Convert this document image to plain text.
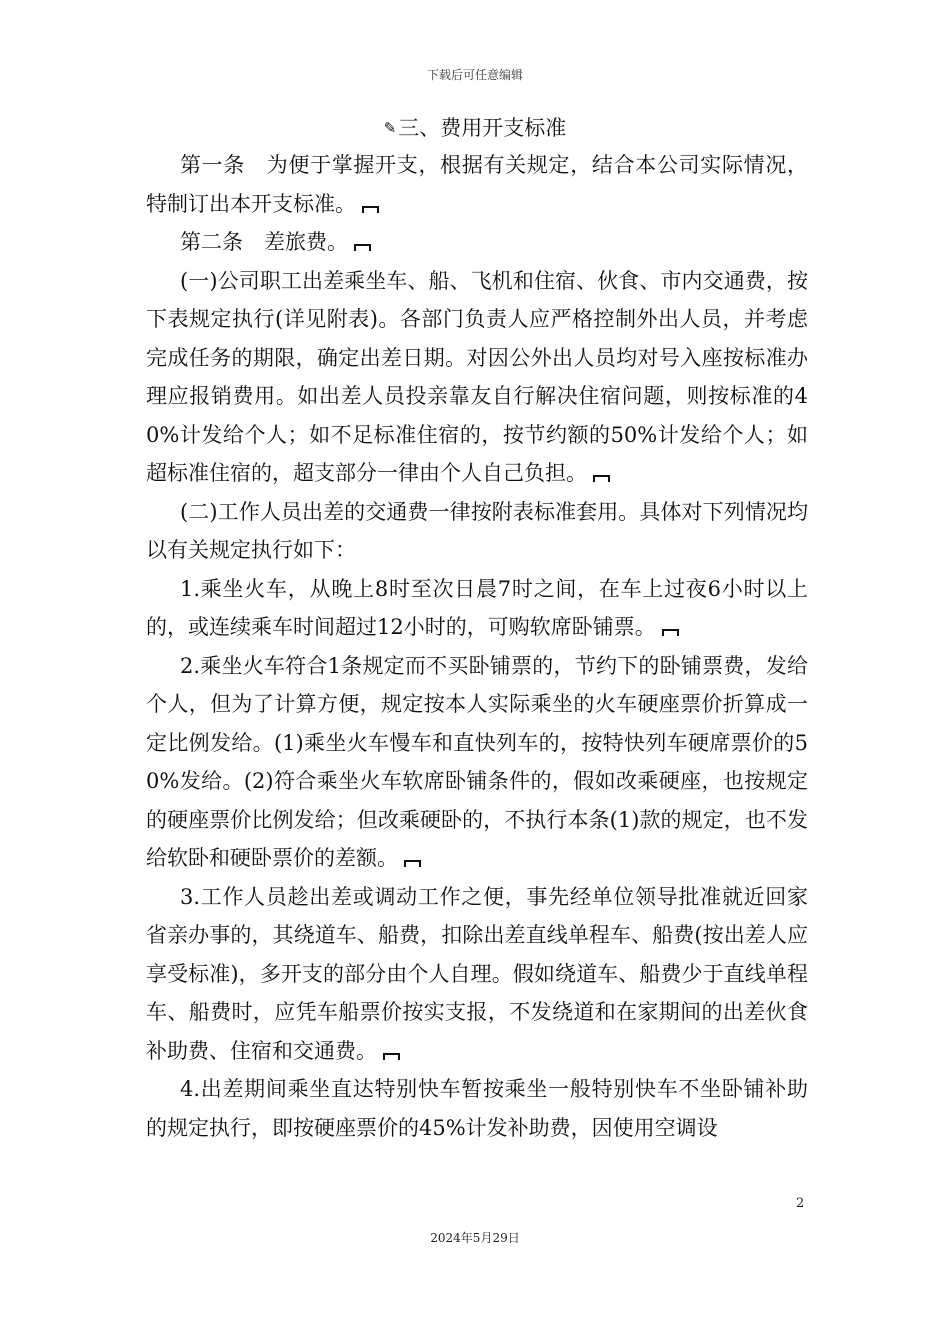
下载后可任意编辑
✎三、费用开支标准

第一条　为便于掌握开支，根据有关规定，结合本公司实际情况，特制订出本开支标准。

第二条　差旅费。

(一)公司职工出差乘坐车、船、飞机和住宿、伙食、市内交通费，按下表规定执行(详见附表)。各部门负责人应严格控制外出人员，并考虑完成任务的期限，确定出差日期。对因公外出人员均对号入座按标准办理应报销费用。如出差人员投亲靠友自行解决住宿问题，则按标准的40%计发给个人；如不足标准住宿的，按节约额的50%计发给个人；如超标准住宿的，超支部分一律由个人自己负担。

(二)工作人员出差的交通费一律按附表标准套用。具体对下列情况均以有关规定执行如下：

1.乘坐火车，从晚上8时至次日晨7时之间，在车上过夜6小时以上的，或连续乘车时间超过12小时的，可购软席卧铺票。

2.乘坐火车符合1条规定而不买卧铺票的，节约下的卧铺票费，发给个人，但为了计算方便，规定按本人实际乘坐的火车硬座票价折算成一定比例发给。(1)乘坐火车慢车和直快列车的，按特快列车硬席票价的50%发给。(2)符合乘坐火车软席卧铺条件的，假如改乘硬座，也按规定的硬座票价比例发给；但改乘硬卧的，不执行本条(1)款的规定，也不发给软卧和硬卧票价的差额。

3.工作人员趁出差或调动工作之便，事先经单位领导批准就近回家省亲办事的，其绕道车、船费，扣除出差直线单程车、船费(按出差人应享受标准)，多开支的部分由个人自理。假如绕道车、船费少于直线单程车、船费时，应凭车船票价按实支报，不发绕道和在家期间的出差伙食补助费、住宿和交通费。

4.出差期间乘坐直达特别快车暂按乘坐一般特别快车不坐卧铺补助的规定执行，即按硬座票价的45%计发补助费，因使用空调设

2
2024年5月29日
